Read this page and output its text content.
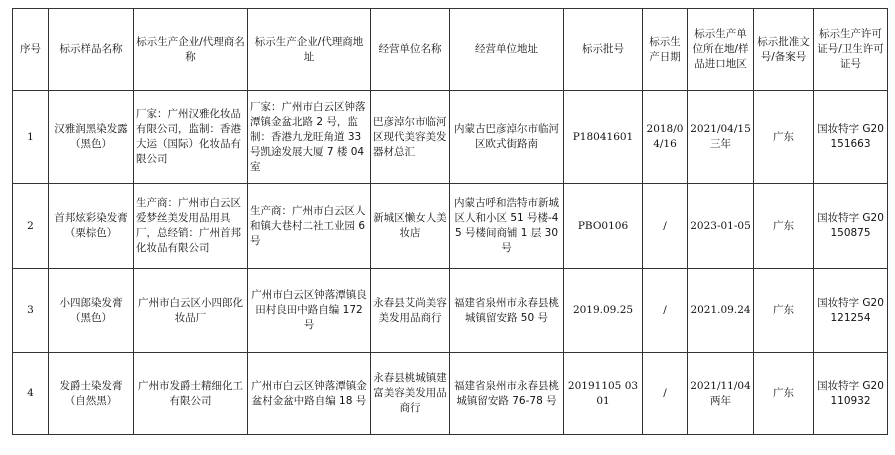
序号	标示样品名称	标示生产企业/代理商名称	标示生产企业/代理商地址	经营单位名称	经营单位地址	标示批号	标示生产日期	标示生产单位所在地/样品进口地区	标示批准文号/备案号	标示生产许可证号/卫生许可证号
1	汉雅润黑染发露（黑色）	厂家：广州汉雅化妆品有限公司，监制：香港大运（国际）化妆品有限公司	厂家：广州市白云区钟落潭镇金盆北路 2 号，监制：香港九龙旺角道 33 号凯途发展大厦 7 楼 04 室	巴彦淖尔市临河区现代美容美发器材总汇	内蒙古巴彦淖尔市临河区欧式街路南	P18041601	2018/04/16	2021/04/15 三年	广东	国妆特字 G20151663
2	首邦炫彩染发膏（栗棕色）	生产商：广州市白云区爱梦丝美发用品用具厂，总经销：广州首邦化妆品有限公司	生产商：广州市白云区人和镇大巷村二社工业园 6 号	新城区懒女人美妆店	内蒙古呼和浩特市新城区人和小区 51 号楼-45 号楼间商铺 1 层 30 号	PBO0106	/	2023-01-05	广东	国妆特字 G20150875
3	小四郎染发膏（黑色）	广州市白云区小四郎化妆品厂	广州市白云区钟落潭镇良田村良田中路自编 172 号	永春县艾尚美容美发用品商行	福建省泉州市永春县桃城镇留安路 50 号	2019.09.25	/	2021.09.24	广东	国妆特字 G20121254
4	发爵士染发膏（自然黑）	广州市发爵士精细化工有限公司	广州市白云区钟落潭镇金盆村金盆中路自编 18 号	永春县桃城镇建富美容美发用品商行	福建省泉州市永春县桃城镇留安路 76-78 号	20191105 0301	/	2021/11/04 两年	广东	国妆特字 G20110932
